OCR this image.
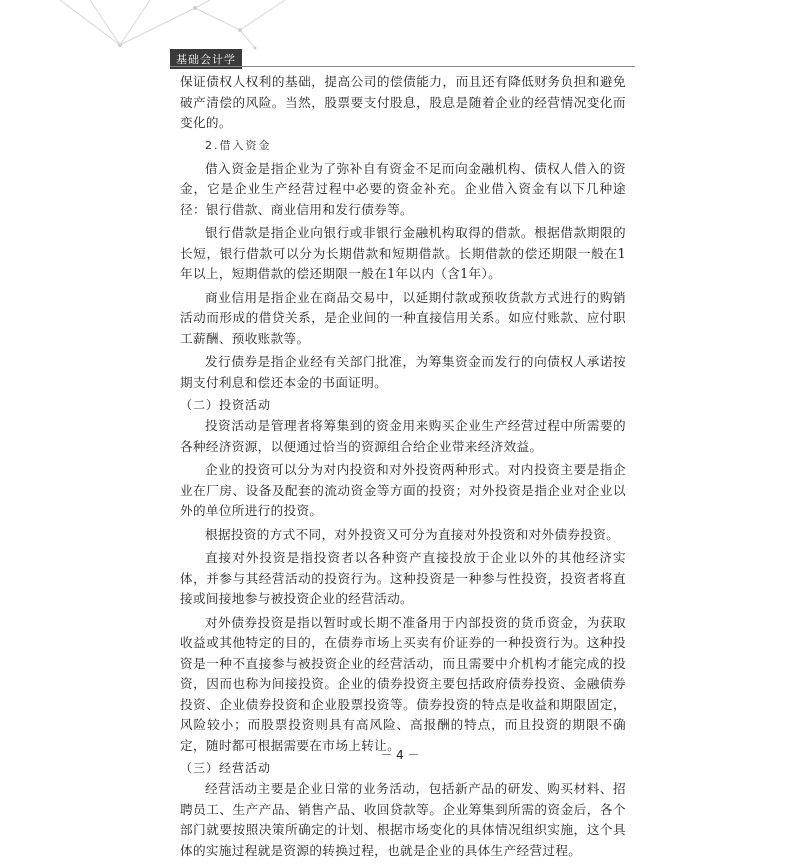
基础会计学

保证债权人权利的基础，提高公司的偿债能力，而且还有降低财务负担和避免破产清偿的风险。当然，股票要支付股息，股息是随着企业的经营情况变化而变化的。

2.借入资金

借入资金是指企业为了弥补自有资金不足而向金融机构、债权人借入的资金，它是企业生产经营过程中必要的资金补充。企业借入资金有以下几种途径：银行借款、商业信用和发行债券等。

银行借款是指企业向银行或非银行金融机构取得的借款。根据借款期限的长短，银行借款可以分为长期借款和短期借款。长期借款的偿还期限一般在1年以上，短期借款的偿还期限一般在1年以内（含1年）。

商业信用是指企业在商品交易中，以延期付款或预收货款方式进行的购销活动而形成的借贷关系，是企业间的一种直接信用关系。如应付账款、应付职工薪酬、预收账款等。

发行债券是指企业经有关部门批准，为筹集资金而发行的向债权人承诺按期支付利息和偿还本金的书面证明。

（二）投资活动

投资活动是管理者将筹集到的资金用来购买企业生产经营过程中所需要的各种经济资源，以便通过恰当的资源组合给企业带来经济效益。

企业的投资可以分为对内投资和对外投资两种形式。对内投资主要是指企业在厂房、设备及配套的流动资金等方面的投资；对外投资是指企业对企业以外的单位所进行的投资。

根据投资的方式不同，对外投资又可分为直接对外投资和对外债券投资。

直接对外投资是指投资者以各种资产直接投放于企业以外的其他经济实体，并参与其经营活动的投资行为。这种投资是一种参与性投资，投资者将直接或间接地参与被投资企业的经营活动。

对外债券投资是指以暂时或长期不准备用于内部投资的货币资金，为获取收益或其他特定的目的，在债券市场上买卖有价证券的一种投资行为。这种投资是一种不直接参与被投资企业的经营活动，而且需要中介机构才能完成的投资，因而也称为间接投资。企业的债券投资主要包括政府债券投资、金融债券投资、企业债券投资和企业股票投资等。债券投资的特点是收益和期限固定，风险较小；而股票投资则具有高风险、高报酬的特点，而且投资的期限不确定，随时都可根据需要在市场上转让。

（三）经营活动

经营活动主要是企业日常的业务活动，包括新产品的研发、购买材料、招聘员工、生产产品、销售产品、收回贷款等。企业筹集到所需的资金后，各个部门就要按照决策所确定的计划、根据市场变化的具体情况组织实施，这个具体的实施过程就是资源的转换过程，也就是企业的具体生产经营过程。

－ 4 －
